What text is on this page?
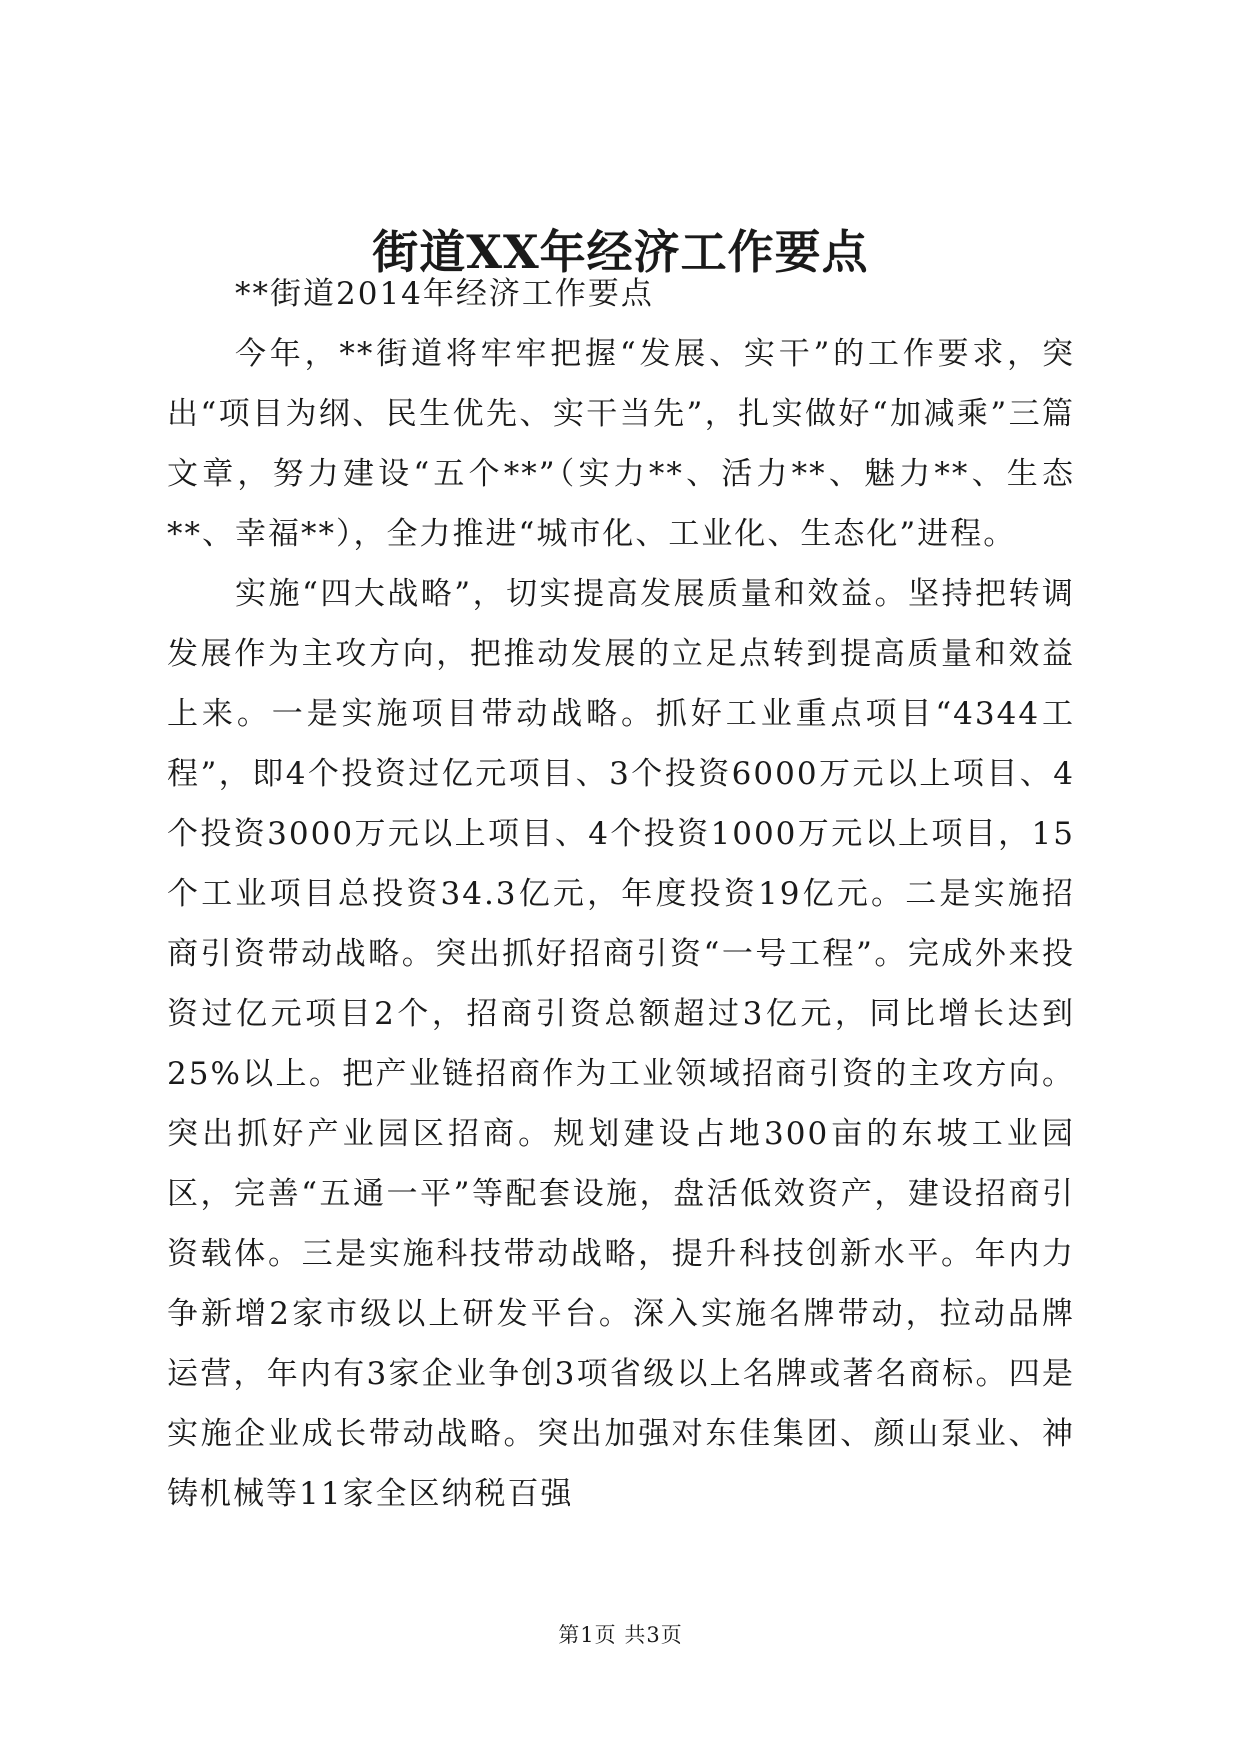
街道XX年经济工作要点

**街道2014年经济工作要点

今年，**街道将牢牢把握“发展、实干”的工作要求，突出“项目为纲、民生优先、实干当先”，扎实做好“加减乘”三篇文章，努力建设“五个**”（实力**、活力**、魅力**、生态**、幸福**），全力推进“城市化、工业化、生态化”进程。

实施“四大战略”，切实提高发展质量和效益。坚持把转调发展作为主攻方向，把推动发展的立足点转到提高质量和效益上来。一是实施项目带动战略。抓好工业重点项目“4344工程”，即4个投资过亿元项目、3个投资6000万元以上项目、4个投资3000万元以上项目、4个投资1000万元以上项目，15个工业项目总投资34.3亿元，年度投资19亿元。二是实施招商引资带动战略。突出抓好招商引资“一号工程”。完成外来投资过亿元项目2个，招商引资总额超过3亿元，同比增长达到25%以上。把产业链招商作为工业领域招商引资的主攻方向。突出抓好产业园区招商。规划建设占地300亩的东坡工业园区，完善“五通一平”等配套设施，盘活低效资产，建设招商引资载体。三是实施科技带动战略，提升科技创新水平。年内力争新增2家市级以上研发平台。深入实施名牌带动，拉动品牌运营，年内有3家企业争创3项省级以上名牌或著名商标。四是实施企业成长带动战略。突出加强对东佳集团、颜山泵业、神铸机械等11家全区纳税百强

第1页 共3页
